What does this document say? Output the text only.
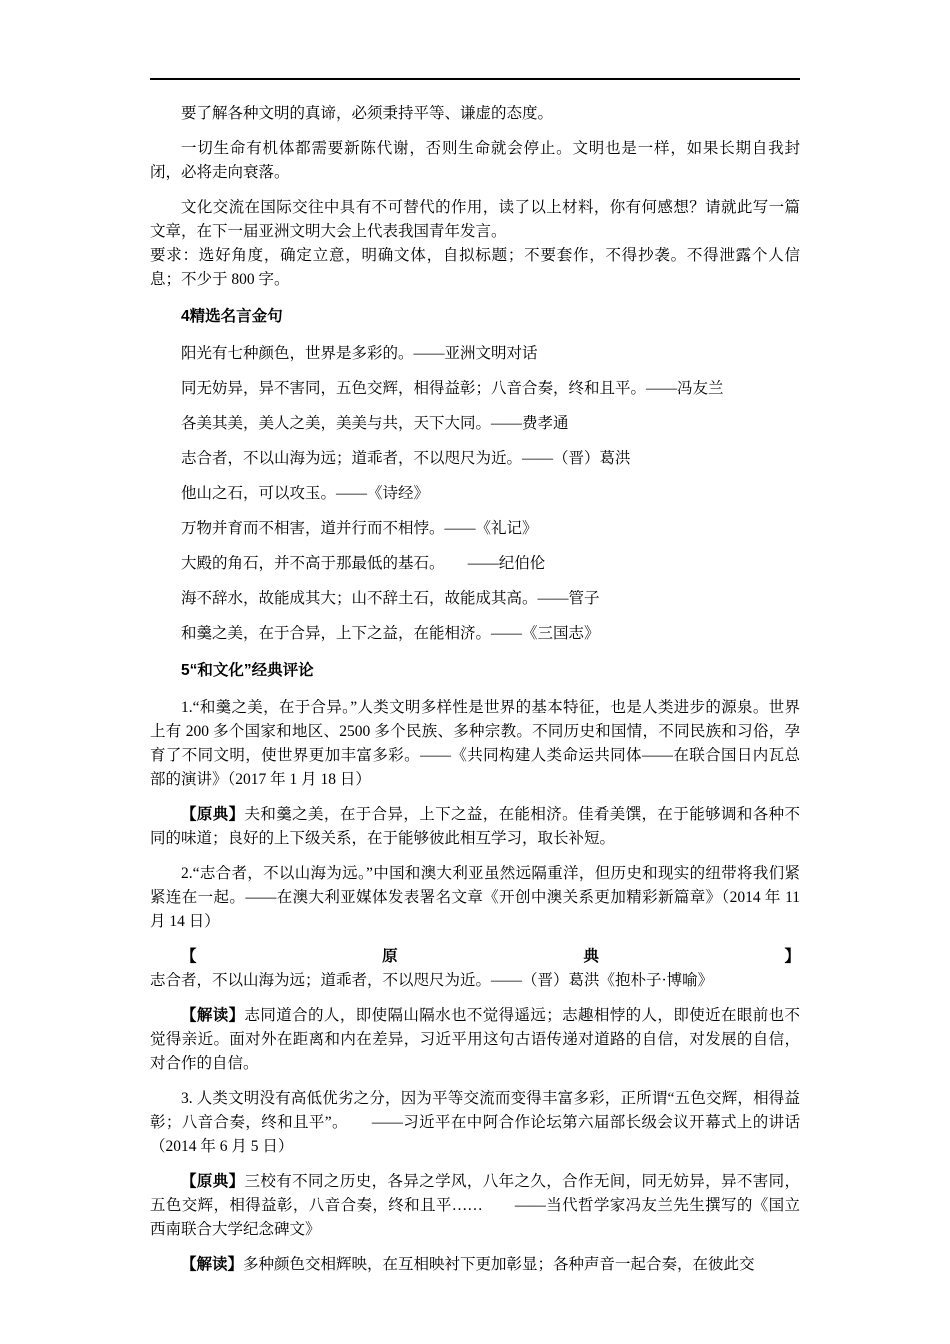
要了解各种文明的真谛，必须秉持平等、谦虚的态度。

一切生命有机体都需要新陈代谢，否则生命就会停止。文明也是一样，如果长期自我封闭，必将走向衰落。

文化交流在国际交往中具有不可替代的作用，读了以上材料，你有何感想？请就此写一篇文章，在下一届亚洲文明大会上代表我国青年发言。

要求：选好角度，确定立意，明确文体，自拟标题；不要套作，不得抄袭。不得泄露个人信息；不少于 800 字。

4精选名言金句

阳光有七种颜色，世界是多彩的。——亚洲文明对话

同无妨异，异不害同，五色交辉，相得益彰；八音合奏，终和且平。——冯友兰

各美其美，美人之美，美美与共，天下大同。——费孝通

志合者，不以山海为远；道乖者，不以咫尺为近。——（晋）葛洪

他山之石，可以攻玉。——《诗经》

万物并育而不相害，道并行而不相悖。——《礼记》

大殿的角石，并不高于那最低的基石。　　——纪伯伦

海不辞水，故能成其大；山不辞土石，故能成其高。——管子

和羹之美，在于合异，上下之益，在能相济。——《三国志》

5“和文化”经典评论

1.“和羹之美，在于合异。”人类文明多样性是世界的基本特征，也是人类进步的源泉。世界上有 200 多个国家和地区、2500 多个民族、多种宗教。不同历史和国情，不同民族和习俗，孕育了不同文明，使世界更加丰富多彩。——《共同构建人类命运共同体——在联合国日内瓦总部的演讲》（2017 年 1 月 18 日）

【原典】夫和羹之美，在于合异，上下之益，在能相济。佳肴美馔，在于能够调和各种不同的味道；良好的上下级关系，在于能够彼此相互学习，取长补短。

2.“志合者，不以山海为远。”中国和澳大利亚虽然远隔重洋，但历史和现实的纽带将我们紧紧连在一起。——在澳大利亚媒体发表署名文章《开创中澳关系更加精彩新篇章》（2014 年 11 月 14 日）

【原典】志合者，不以山海为远；道乖者，不以咫尺为近。——（晋）葛洪《抱朴子·博喻》

【解读】志同道合的人，即使隔山隔水也不觉得遥远；志趣相悖的人，即使近在眼前也不觉得亲近。面对外在距离和内在差异，习近平用这句古语传递对道路的自信，对发展的自信，对合作的自信。

3. 人类文明没有高低优劣之分，因为平等交流而变得丰富多彩，正所谓“五色交辉，相得益彰；八音合奏，终和且平”。　　——习近平在中阿合作论坛第六届部长级会议开幕式上的讲话（2014 年 6 月 5 日）

【原典】三校有不同之历史，各异之学风，八年之久，合作无间，同无妨异，异不害同，五色交辉，相得益彰，八音合奏，终和且平……　　——当代哲学家冯友兰先生撰写的《国立西南联合大学纪念碑文》

【解读】多种颜色交相辉映，在互相映衬下更加彰显；各种声音一起合奏，在彼此交
